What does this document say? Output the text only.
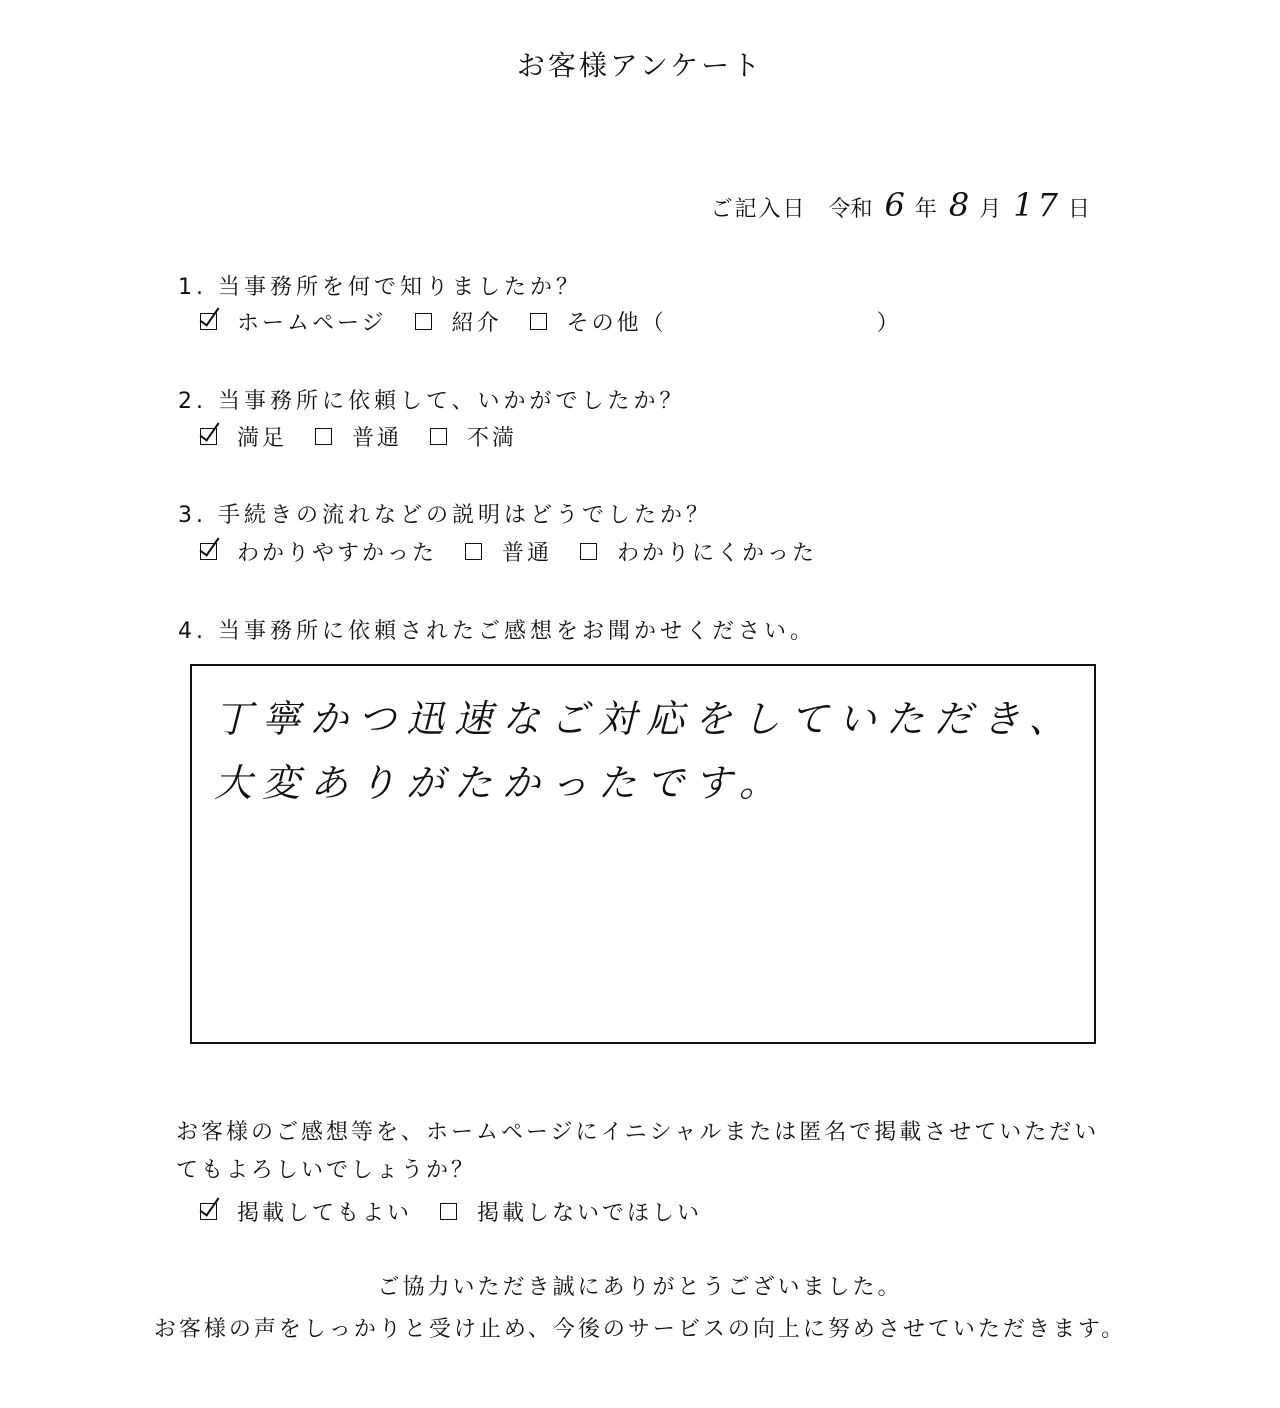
お客様アンケート
ご記入日 令和 6 年 8 月 17 日
1. 当事務所を何で知りましたか？
ホームページ	紹介	その他（	）
2. 当事務所に依頼して、いかがでしたか？
満足	普通	不満
3. 手続きの流れなどの説明はどうでしたか？
わかりやすかった	普通	わかりにくかった
4. 当事務所に依頼されたご感想をお聞かせください。
丁寧かつ迅速なご対応をしていただき、
大変ありがたかったです。
お客様のご感想等を、ホームページにイニシャルまたは匿名で掲載させていただいてもよろしいでしょうか？
掲載してもよい	掲載しないでほしい
ご協力いただき誠にありがとうございました。
お客様の声をしっかりと受け止め、今後のサービスの向上に努めさせていただきます。
